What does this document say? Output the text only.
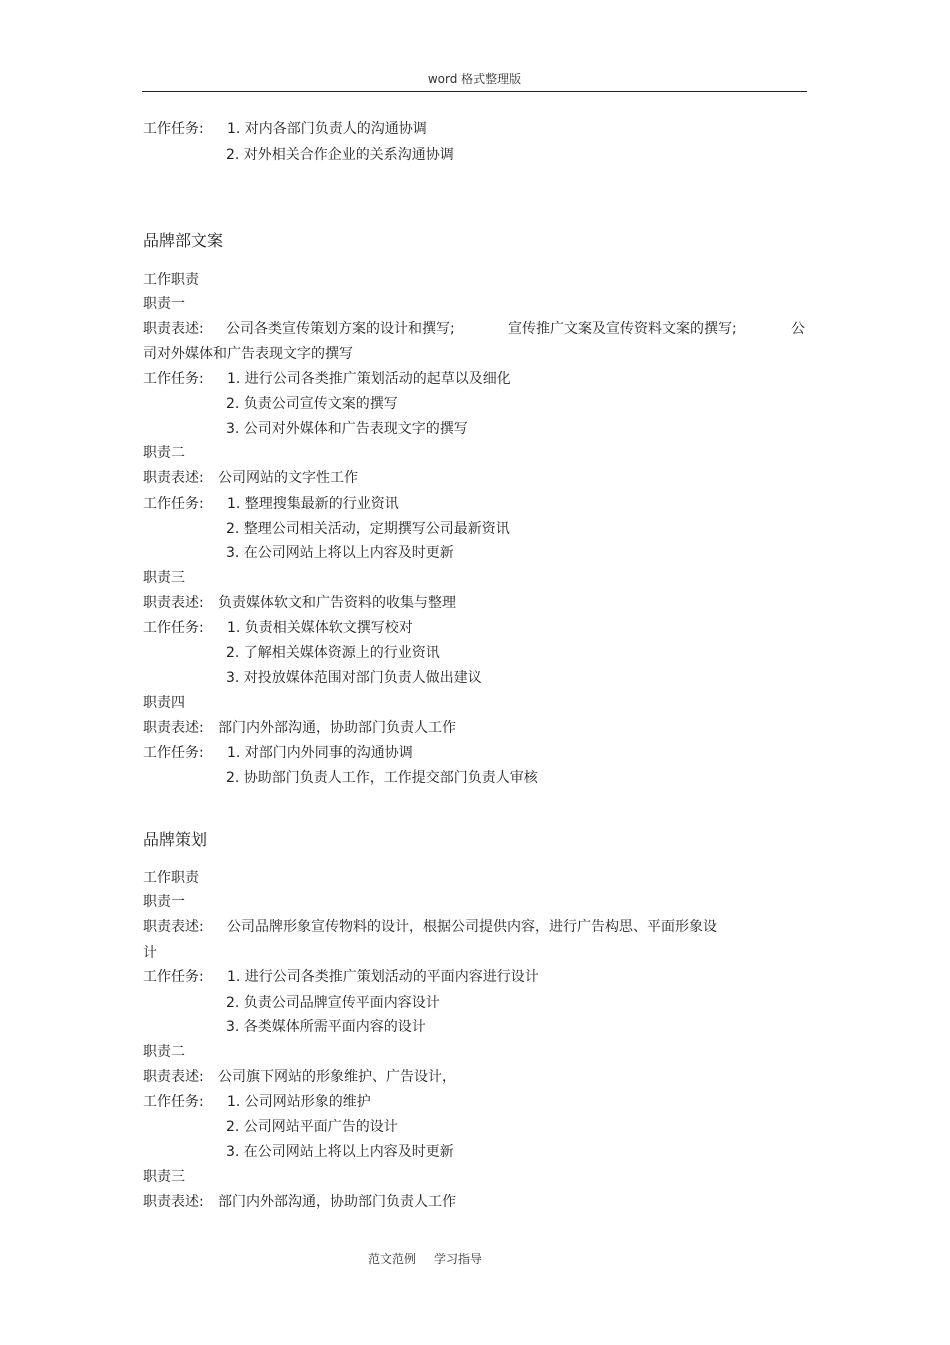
word 格式整理版
工作任务: 1. 对内各部门负责人的沟通协调
2. 对外相关合作企业的关系沟通协调
品牌部文案
工作职责
职责一
职责表述: 公司各类宣传策划方案的设计和撰写;	宣传推广文案及宣传资料文案的撰写;	公
司对外媒体和广告表现文字的撰写
工作任务: 1. 进行公司各类推广策划活动的起草以及细化
2. 负责公司宣传文案的撰写
3. 公司对外媒体和广告表现文字的撰写
职责二
职责表述: 公司网站的文字性工作
工作任务: 1. 整理搜集最新的行业资讯
2. 整理公司相关活动，定期撰写公司最新资讯
3. 在公司网站上将以上内容及时更新
职责三
职责表述: 负责媒体软文和广告资料的收集与整理
工作任务: 1. 负责相关媒体软文撰写校对
2. 了解相关媒体资源上的行业资讯
3. 对投放媒体范围对部门负责人做出建议
职责四
职责表述: 部门内外部沟通，协助部门负责人工作
工作任务: 1. 对部门内外同事的沟通协调
2. 协助部门负责人工作，工作提交部门负责人审核
品牌策划
工作职责
职责一
职责表述: 公司品牌形象宣传物料的设计，根据公司提供内容，进行广告构思、平面形象设
计
工作任务: 1. 进行公司各类推广策划活动的平面内容进行设计
2. 负责公司品牌宣传平面内容设计
3. 各类媒体所需平面内容的设计
职责二
职责表述: 公司旗下网站的形象维护、广告设计，
工作任务: 1. 公司网站形象的维护
2. 公司网站平面广告的设计
3. 在公司网站上将以上内容及时更新
职责三
职责表述: 部门内外部沟通，协助部门负责人工作
范文范例 学习指导
